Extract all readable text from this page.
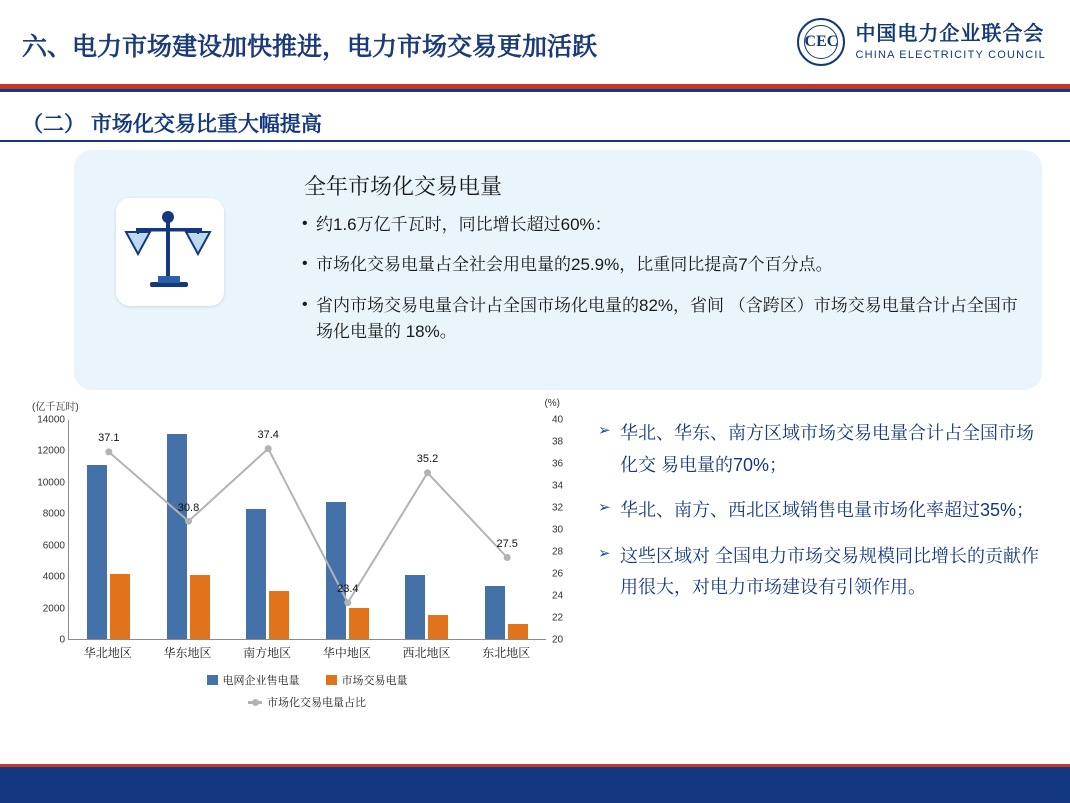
六、电力市场建设加快推进，电力市场交易更加活跃	CEC 中国电力企业联合会
CHINA ELECTRICITY COUNCIL
（二） 市场化交易比重大幅提高
全年市场化交易电量
• 约1.6万亿千瓦时，同比增长超过60%：
• 市场化交易电量占全社会用电量的25.9%，比重同比提高7个百分点。
• 省内市场交易电量合计占全国市场化电量的82%，省间 （含跨区）市场交易电量合计占全国市场化电量的 18%。
(亿千瓦时)	(%)
0
2000
4000
6000
8000
10000
12000
14000
20
22
24
26
28
30
32
34
36
38
40
37.1
30.8
37.4
23.4
35.2
27.5
华北地区	华东地区	南方地区	华中地区	西北地区	东北地区
电网企业售电量	市场交易电量
市场化交易电量占比
➢ 华北、华东、南方区域市场交易电量合计占全国市场化交 易电量的70%；
➢ 华北、南方、西北区域销售电量市场化率超过35%；
➢ 这些区域对 全国电力市场交易规模同比增长的贡献作用很大，对电力市场建设有引领作用。
